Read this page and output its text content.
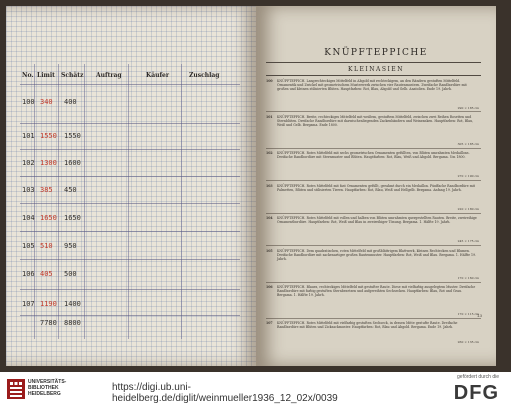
No. Limit Schätz Auftrag	Käufer	Zuschlag
100 340 400
101 1550 1550
102 1300 1600
103 385 450
104 1650 1650
105 510 950
106 405 500
107 1190 1400
7780 8800
KNÜPFTEPPICHE
KLEINASIEN
100 KNÜPFTEPPICH. Langrechteckiges Mittelfeld in Abgold mit rechteckigem, an den Rändern gestuften Mittelfeld. Ornamentik und Zwickel mit geometrischem Musterwerk zwischen vier Rautenmustern. Zweifache Randbordüre mit großen und kleinen stilisierten Blüten. Hauptfarben: Rot, Blau, Abgold und Gelb. Anatolien. Ende 19. Jahrh.
290 × 185 cm
101 KNÜPFTEPPICH. Breite, rechteckiges Mittelfeld mit weißem, gestuftem Mittelfeld, zwischen zwei Reihen Rosetten und Sternblüten. Dreifache Randbordüre mit dazwischenliegenden Zackenbändern und Weinranken. Hauptfarben: Rot, Blau, Weiß und Gelb. Bergama. Ende 1800.
305 × 185 cm
102 KNÜPFTEPPICH. Rotes Mittelfeld mit sechs geometrischen Ornamenten gefüllten, von Blüten umrahmten Medaillons. Dreifache Randbordüre mit Sternmuster und Blüten. Hauptfarben: Rot, Blau, Weiß und Abgold. Bergama. Um 1800.
270 × 190 cm
103 KNÜPFTEPPICH. Rotes Mittelfeld mit fast Ornamenten gefüllt, gerahmt durch ein Medaillon. Fünffache Randbordüre mit Palmetten, Blüten und stilisierten Tieren. Hauptfarben: Rot, Blau, Weiß und Hellgelb. Bergama. Anfang 19. Jahrh.
220 × 180 cm
104 KNÜPFTEPPICH. Rotes Mittelfeld mit vollen und halben von Blüten umrahmten quergestellten Rauten. Breite, zweireihige Ornamentbordüre. Hauptfarben: Rot, Weiß und Blau in zweireihiger Tönung. Bergama. 1. Hälfte 19. Jahrh.
245 × 175 cm
105 KNÜPFTEPPICH. Dem quadratischen, roten Mittelfeld mit großblättrigem Blattwerk, kleinen Rechtecken und Blumen. Dreifache Randbordüre mit zackenartiger großen Rautenmuster. Hauptfarben: Rot, Weiß und Blau. Bergama. 1. Hälfte 19. Jahrh.
170 × 160 cm
106 KNÜPFTEPPICH. Blaues, rechteckiges Mittelfeld mit gestufter Raute. Diese mit vielfarbig ausgelegtem Muster. Dreifache Randbordüre mit farbig gestuften Sternbesetzen und aufgereihten Sechsecken. Hauptfarben: Blau, Rot und Grau. Bergama. 1. Hälfte 19. Jahrh.
170 × 115 cm
107 KNÜPFTEPPICH. Rotes Mittelfeld mit vielfarbig gestuften Sechseck, in dessen Mitte gestufte Raute. Dreifache Randbordüre mit Blüten und Zickzackmuster. Hauptfarben: Rot, Blau und Abgold. Bergama. Ende 19. Jahrh.
260 × 135 cm
13
UNIVERSITÄTS-
BIBLIOTHEK
HEIDELBERG
https://digi.ub.uni-heidelberg.de/diglit/weinmueller1936_12_02x/0039
gefördert durch die
DFG
